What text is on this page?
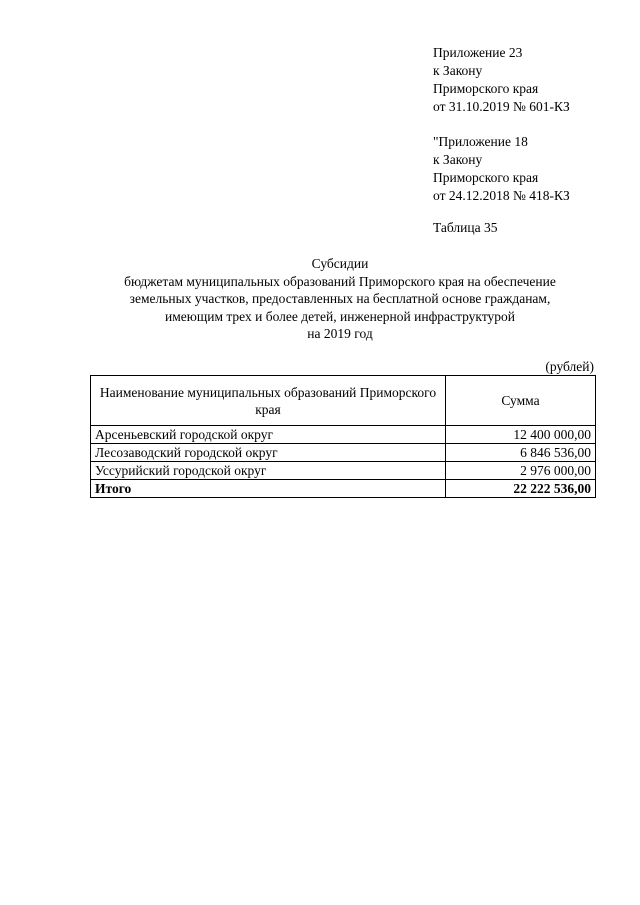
Приложение 23
к Закону
Приморского края
от 31.10.2019 № 601-КЗ
"Приложение 18
к Закону
Приморского края
от 24.12.2018 № 418-КЗ
Таблица 35
Субсидии
бюджетам муниципальных образований Приморского края на обеспечение
земельных участков, предоставленных на бесплатной основе гражданам,
имеющим трех и более детей, инженерной инфраструктурой
на 2019 год
(рублей)
Наименование муниципальных образований Приморского края	Сумма
Арсеньевский городской округ	12 400 000,00
Лесозаводский городской округ	6 846 536,00
Уссурийский городской округ	2 976 000,00
Итого	22 222 536,00
